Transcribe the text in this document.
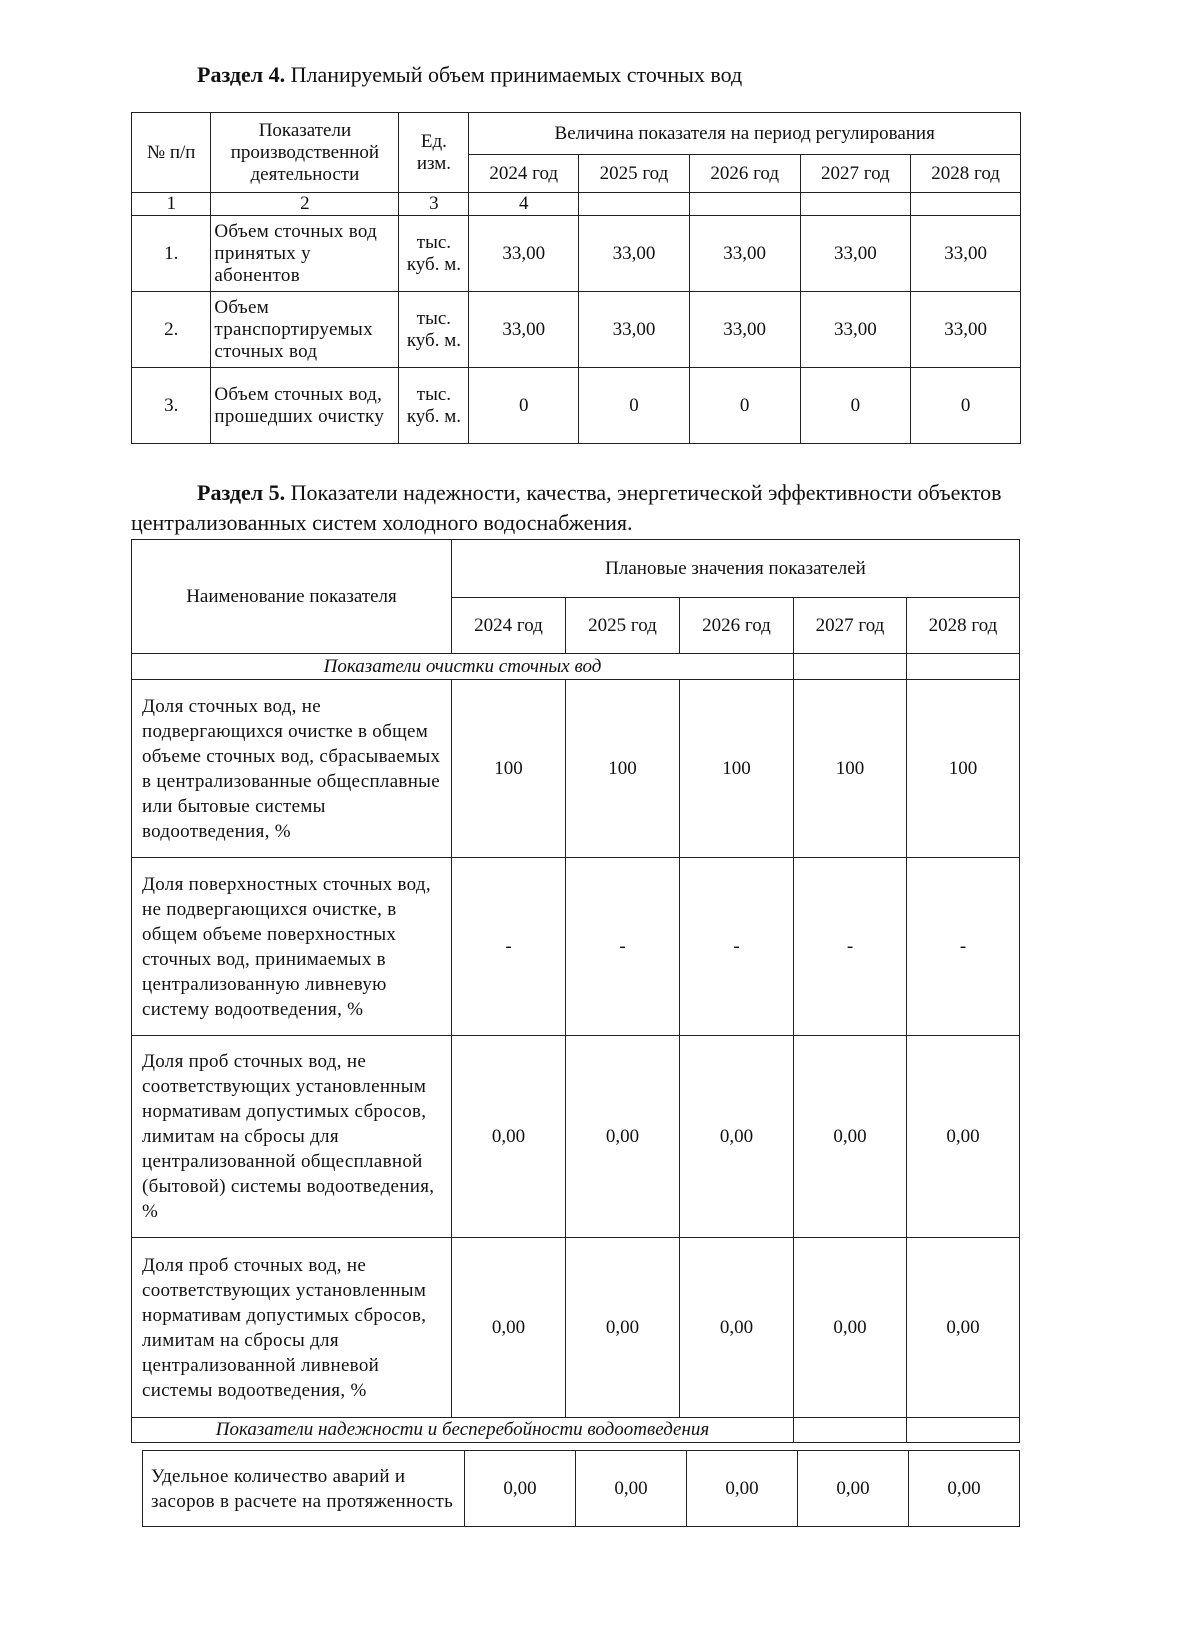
Раздел 4. Планируемый объем принимаемых сточных вод
№ п/п	Показатели производственной деятельности	Ед. изм.	Величина показателя на период регулирования				
			2024 год	2025 год	2026 год	2027 год	2028 год
1	2	3	4				
1.	Объем сточных вод принятых у абонентов	тыс. куб. м.	33,00	33,00	33,00	33,00	33,00
2.	Объем транспортируемых сточных вод	тыс. куб. м.	33,00	33,00	33,00	33,00	33,00
3.	Объем сточных вод, прошедших очистку	тыс. куб. м.	0	0	0	0	0
Раздел 5. Показатели надежности, качества, энергетической эффективности объектов
централизованных систем холодного водоснабжения.
Наименование показателя	Плановые значения показателей				
	2024 год	2025 год	2026 год	2027 год	2028 год
Показатели очистки сточных вод					
Доля сточных вод, не подвергающихся очистке в общем объеме сточных вод, сбрасываемых в централизованные общесплавные или бытовые системы водоотведения, %	100	100	100	100	100
Доля поверхностных сточных вод, не подвергающихся очистке, в общем объеме поверхностных сточных вод, принимаемых в централизованную ливневую систему водоотведения, %	-	-	-	-	-
Доля проб сточных вод, не соответствующих установленным нормативам допустимых сбросов, лимитам на сбросы для централизованной общесплавной (бытовой) системы водоотведения, %	0,00	0,00	0,00	0,00	0,00
Доля проб сточных вод, не соответствующих установленным нормативам допустимых сбросов, лимитам на сбросы для централизованной ливневой системы водоотведения, %	0,00	0,00	0,00	0,00	0,00
Показатели надежности и бесперебойности водоотведения					
Удельное количество аварий и засоров в расчете на протяженность	0,00	0,00	0,00	0,00	0,00
